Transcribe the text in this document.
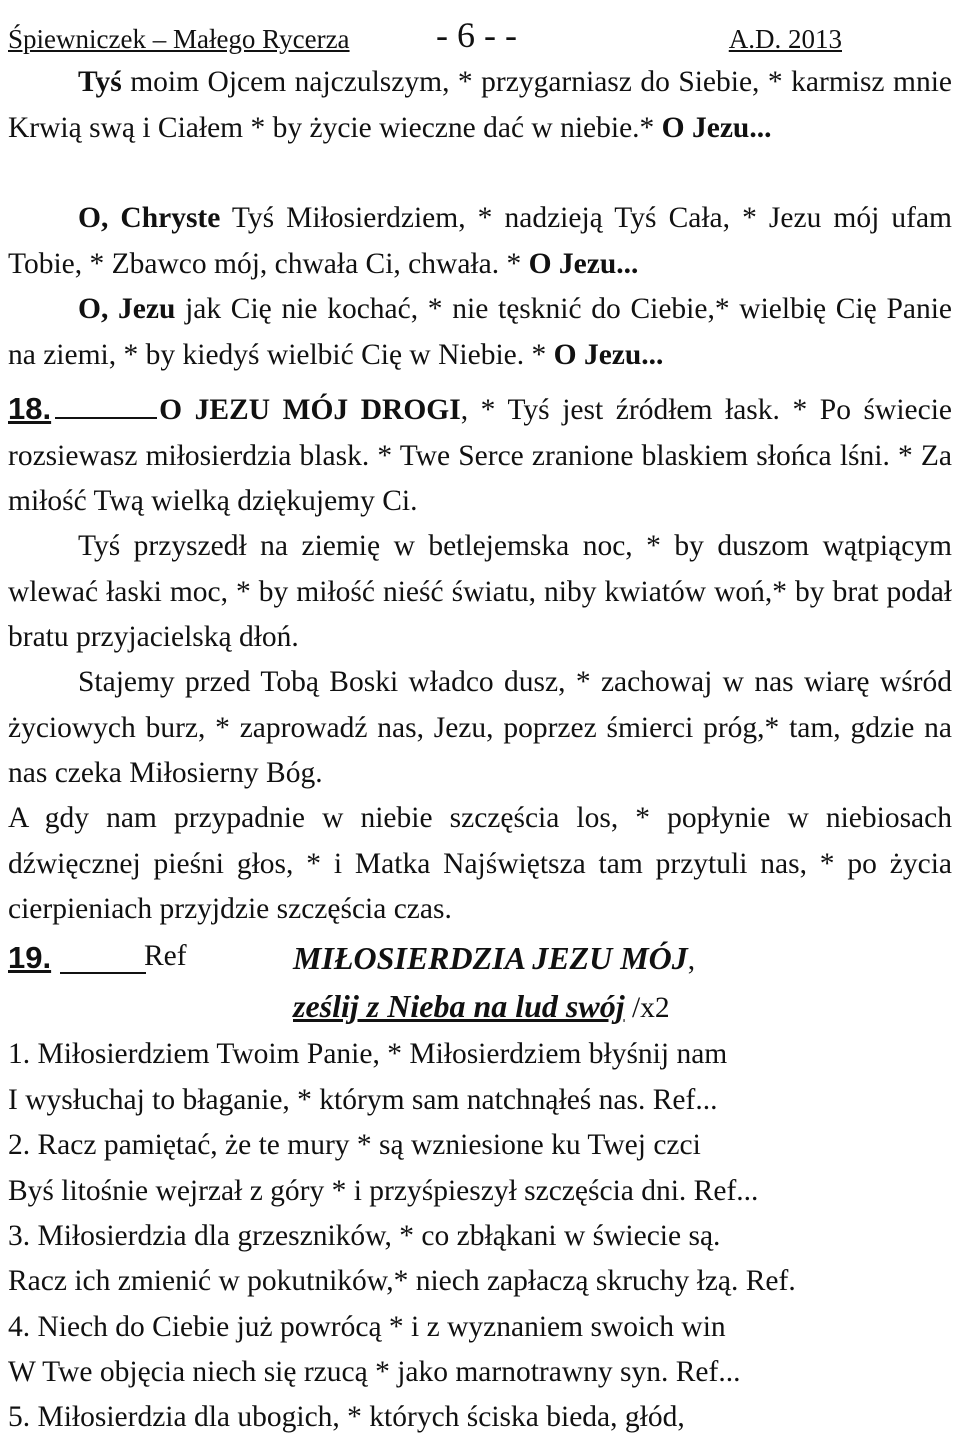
Śpiewniczek – Małego Rycerza - 6 - -	A.D. 2013

Tyś moim Ojcem najczulszym, * przygarniasz do Siebie, * karmisz mnie Krwią swą i Ciałem * by życie wieczne dać w niebie.* O Jezu...

O, Chryste Tyś Miłosierdziem, * nadzieją Tyś Cała, * Jezu mój ufam Tobie, * Zbawco mój, chwała Ci, chwała. * O Jezu...

O, Jezu jak Cię nie kochać, * nie tęsknić do Ciebie,* wielbię Cię Panie na ziemi, * by kiedyś wielbić Cię w Niebie. * O Jezu...

18.	O JEZU MÓJ DROGI, * Tyś jest źródłem łask. * Po świecie rozsiewasz miłosierdzia blask. * Twe Serce zranione blaskiem słońca lśni. * Za miłość Twą wielką dziękujemy Ci.

Tyś przyszedł na ziemię w betlejemska noc, * by duszom wątpiącym wlewać łaski moc, * by miłość nieść światu, niby kwiatów woń,* by brat podał bratu przyjacielską dłoń.

Stajemy przed Tobą Boski władco dusz, * zachowaj w nas wiarę wśród życiowych burz, * zaprowadź nas, Jezu, poprzez śmierci próg,* tam, gdzie na nas czeka Miłosierny Bóg.

A gdy nam przypadnie w niebie szczęścia los, * popłynie w niebiosach dźwięcznej pieśni głos, * i Matka Najświętsza tam przytuli nas, * po życia cierpieniach przyjdzie szczęścia czas.

19.	Ref	MIŁOSIERDZIA JEZU MÓJ,
ześlij z Nieba na lud swój /x2
1. Miłosierdziem Twoim Panie, * Miłosierdziem błyśnij nam
I wysłuchaj to błaganie, * którym sam natchnąłeś nas. Ref...
2. Racz pamiętać, że te mury * są wzniesione ku Twej czci
Byś litośnie wejrzał z góry * i przyśpieszył szczęścia dni. Ref...
3. Miłosierdzia dla grzeszników, * co zbłąkani w świecie są.
Racz ich zmienić w pokutników,* niech zapłaczą skruchy łzą. Ref.
4. Niech do Ciebie już powrócą * i z wyznaniem swoich win
W Twe objęcia niech się rzucą * jako marnotrawny syn. Ref...
5. Miłosierdzia dla ubogich, * których ściska bieda, głód,
